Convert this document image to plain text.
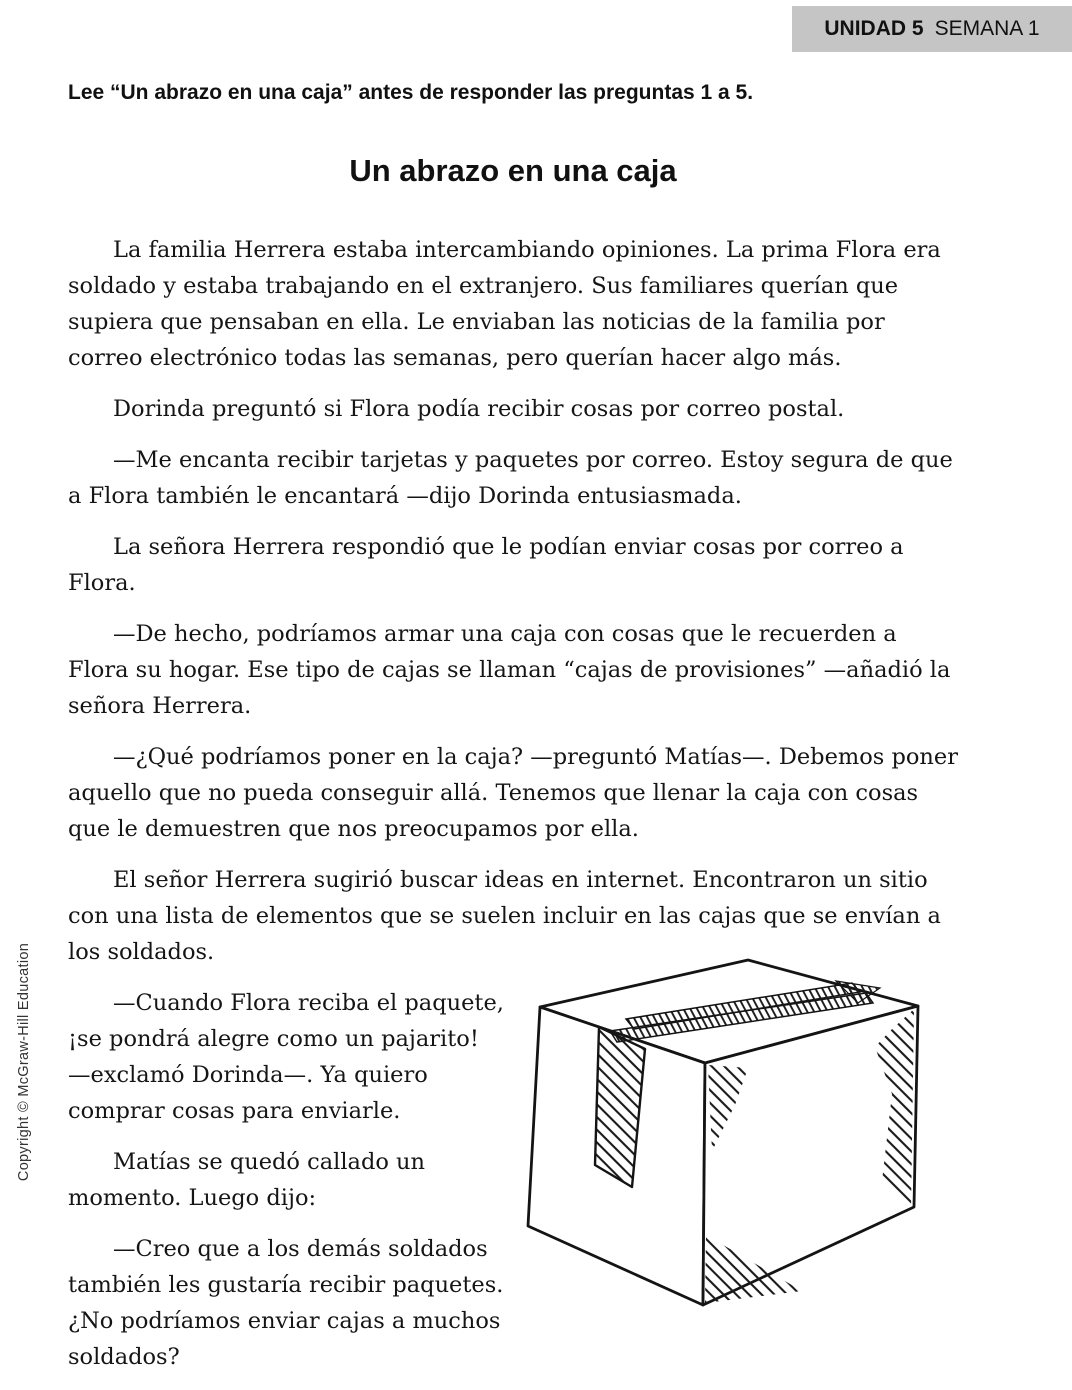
UNIDAD 5 SEMANA 1

Lee “Un abrazo en una caja” antes de responder las preguntas 1 a 5.

Un abrazo en una caja

La familia Herrera estaba intercambiando opiniones. La prima Flora era soldado y estaba trabajando en el extranjero. Sus familiares querían que supiera que pensaban en ella. Le enviaban las noticias de la familia por correo electrónico todas las semanas, pero querían hacer algo más.

Dorinda preguntó si Flora podía recibir cosas por correo postal.

—Me encanta recibir tarjetas y paquetes por correo. Estoy segura de que a Flora también le encantará —dijo Dorinda entusiasmada.

La señora Herrera respondió que le podían enviar cosas por correo a Flora.

—De hecho, podríamos armar una caja con cosas que le recuerden a Flora su hogar. Ese tipo de cajas se llaman “cajas de provisiones” —añadió la señora Herrera.

—¿Qué podríamos poner en la caja? —preguntó Matías—. Debemos poner aquello que no pueda conseguir allá. Tenemos que llenar la caja con cosas que le demuestren que nos preocupamos por ella.

El señor Herrera sugirió buscar ideas en internet. Encontraron un sitio con una lista de elementos que se suelen incluir en las cajas que se envían a los soldados.

—Cuando Flora reciba el paquete, ¡se pondrá alegre como un pajarito! —exclamó Dorinda—. Ya quiero comprar cosas para enviarle.

Matías se quedó callado un momento. Luego dijo:

—Creo que a los demás soldados también les gustaría recibir paquetes. ¿No podríamos enviar cajas a muchos soldados?

Copyright © McGraw-Hill Education
